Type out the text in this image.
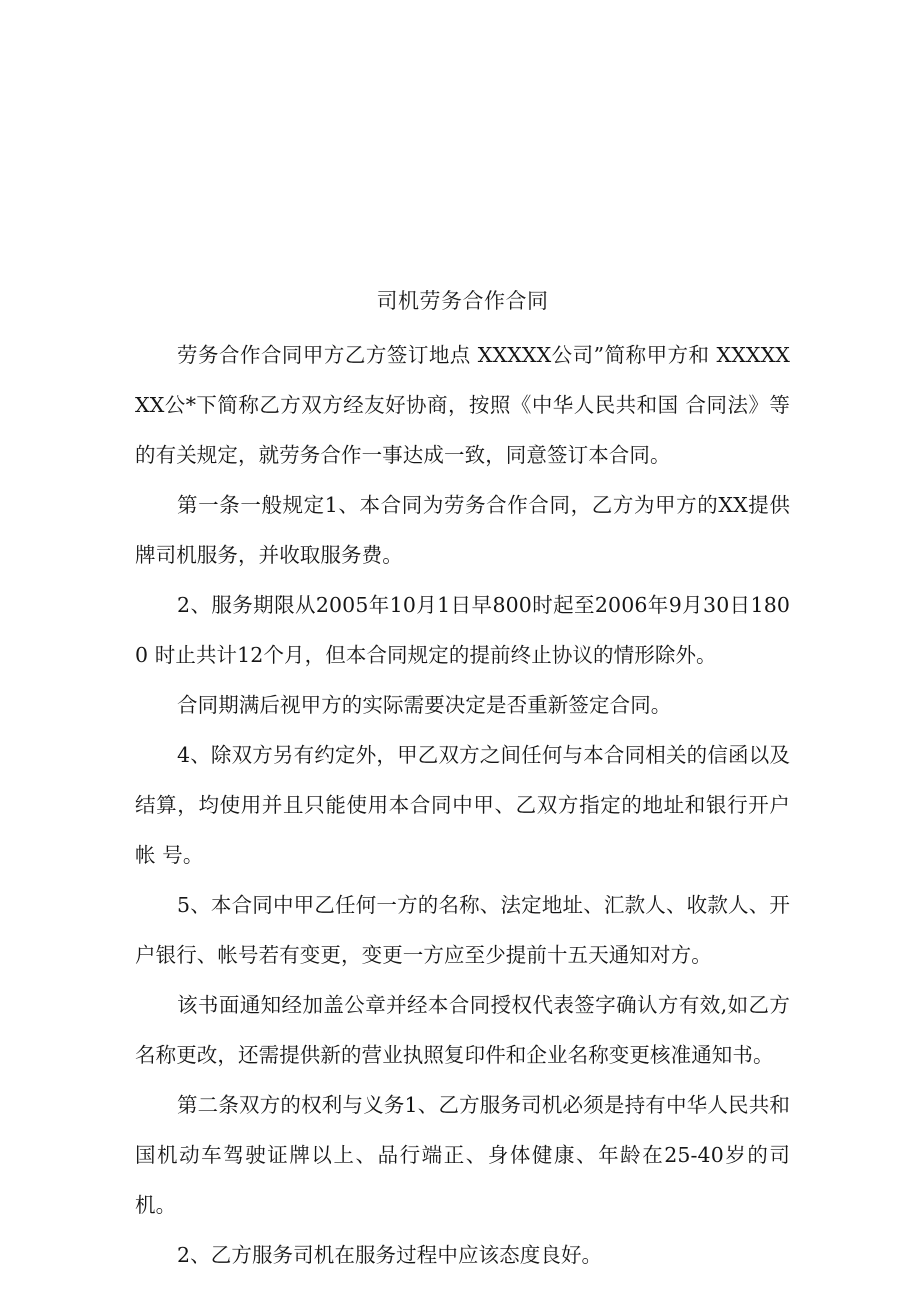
司机劳务合作合同

劳务合作合同甲方乙方签订地点 XXXXX公司”简称甲方和 XXXXXXX公*下简称乙方双方经友好协商，按照《中华人民共和国 合同法》等的有关规定，就劳务合作一事达成一致，同意签订本合同。

第一条一般规定1、本合同为劳务合作合同，乙方为甲方的XX提供 牌司机服务，并收取服务费。

2、服务期限从2005年10月1日早800时起至2006年9月30日1800 时止共计12个月，但本合同规定的提前终止协议的情形除外。

合同期满后视甲方的实际需要决定是否重新签定合同。

4、除双方另有约定外，甲乙双方之间任何与本合同相关的信函以及 结算，均使用并且只能使用本合同中甲、乙双方指定的地址和银行开户帐 号。

5、本合同中甲乙任何一方的名称、法定地址、汇款人、收款人、开 户银行、帐号若有变更，变更一方应至少提前十五天通知对方。

该书面通知经加盖公章并经本合同授权代表签字确认方有效,如乙方 名称更改，还需提供新的营业执照复印件和企业名称变更核准通知书。

第二条双方的权利与义务1、乙方服务司机必须是持有中华人民共和 国机动车驾驶证牌以上、品行端正、身体健康、年龄在25-40岁的司机。

2、乙方服务司机在服务过程中应该态度良好。
